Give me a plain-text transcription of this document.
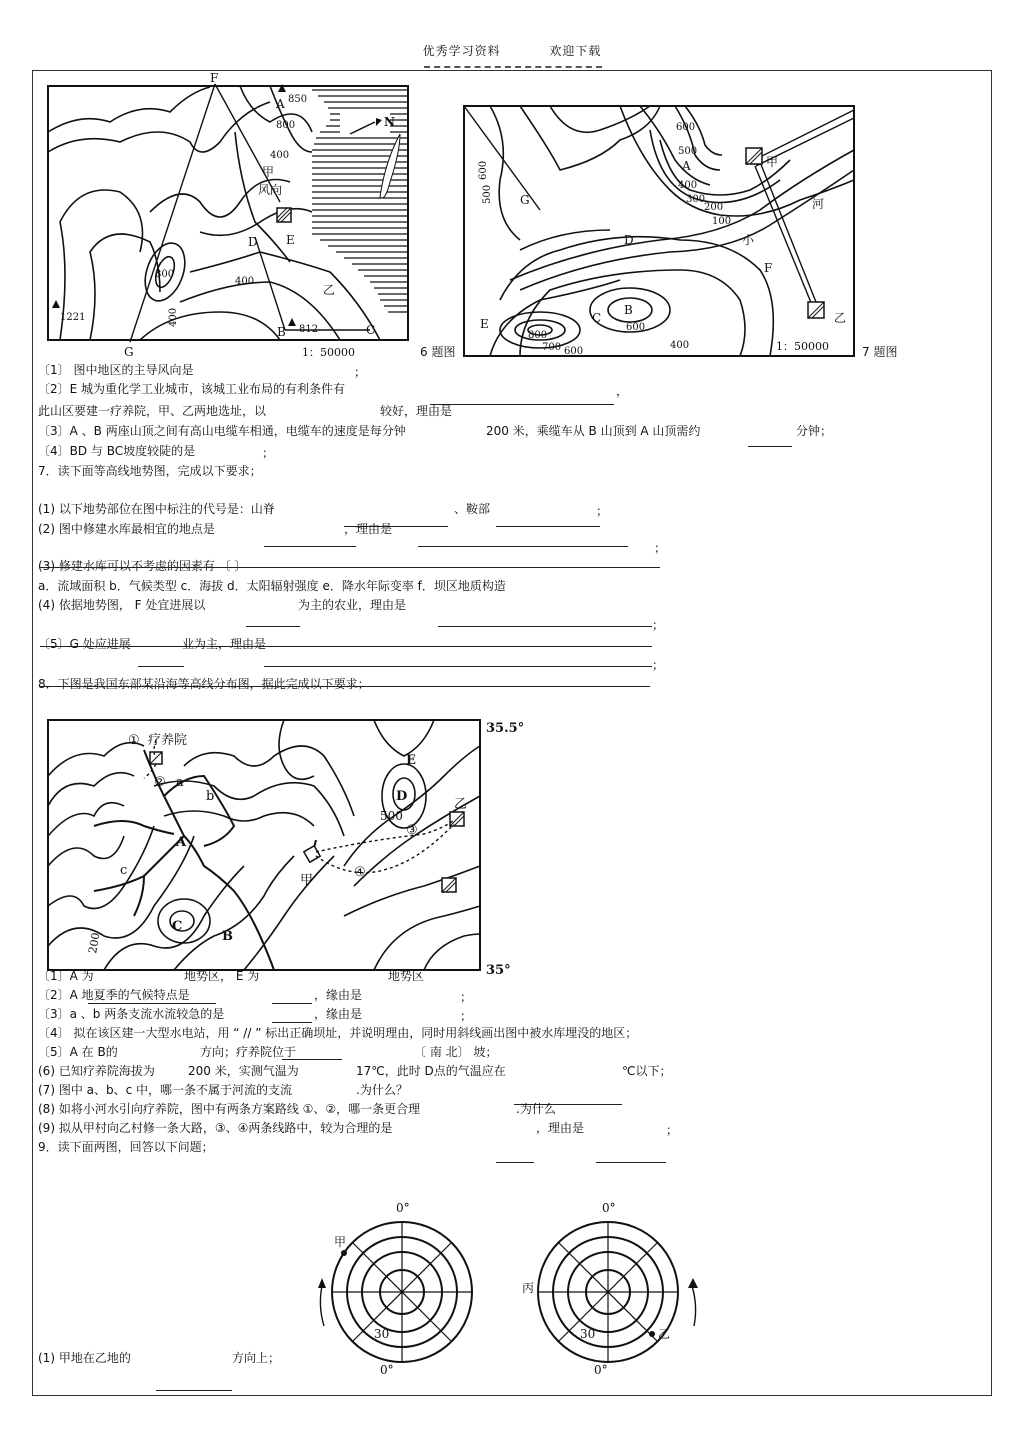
优秀学习资料	欢迎下载
F
A 850
800
400
甲
风向
N
D E
800
400
乙
1221	400
B 812	C
G	1：50000	6 题图
600
500
A
400
300
200
100
甲
河
600
500 G
D	小
F
B
E	C
800
600
700 600
400
乙
1：50000	7 题图
〔1〕 图中地区的主导风向是	；
〔2〕E 城为重化学工业城市，该城工业布局的有利条件有	，
此山区要建一疗养院，甲、乙两地选址，以	较好，理由是
〔3〕A 、B 两座山顶之间有高山电缆车相通，电缆车的速度是每分钟	200 米，乘缆车从 B 山顶到 A 山顶需约	分钟；
〔4〕BD 与 BC坡度较陡的是	；
7．读下面等高线地势图，完成以下要求；
(1) 以下地势部位在图中标注的代号是：山脊	、鞍部	；
(2) 图中修建水库最相宜的地点是	，理由是
；
(3) 修建水库可以不考虑的因素有 〔 〕
a．流域面积 b．气候类型 c．海拔 d．太阳辐射强度 e．降水年际变率 f．坝区地质构造
(4) 依据地势图， F 处宜进展以	为主的农业，理由是
；
〔5〕G 处应进展	业为主，理由是
；
8．下图是我国东部某沿海等高线分布图，据此完成以下要求；
35.5°
35°
① 疗养院
② a
b
A
E
D
500
乙
③
甲
④
c
C
B
200
〔1〕A 为	地势区， E 为	地势区
〔2〕A 地夏季的气候特点是	，缘由是	；
〔3〕a 、b 两条支流水流较急的是	，缘由是	；
〔4〕 拟在该区建一大型水电站，用 “ // ” 标出正确坝址，并说明理由，同时用斜线画出图中被水库埋没的地区；
〔5〕A 在 B的	方向；疗养院位于	〔 南 北〕 坡；
(6) 已知疗养院海拔为	200 米，实测气温为	17℃，此时 D点的气温应在	℃以下；
(7) 图中 a、b、c 中，哪一条不属于河流的支流	.为什么？
(8) 如将小河水引向疗养院，图中有两条方案路线 ①、②，哪一条更合理	.为什么
(9) 拟从甲村向乙村修一条大路，③、④两条线路中，较为合理的是	，理由是	；
9．读下面两图，回答以下问题；
0°
0°
30
甲
0°
0°
30
丙
乙
(1) 甲地在乙地的	方向上；
